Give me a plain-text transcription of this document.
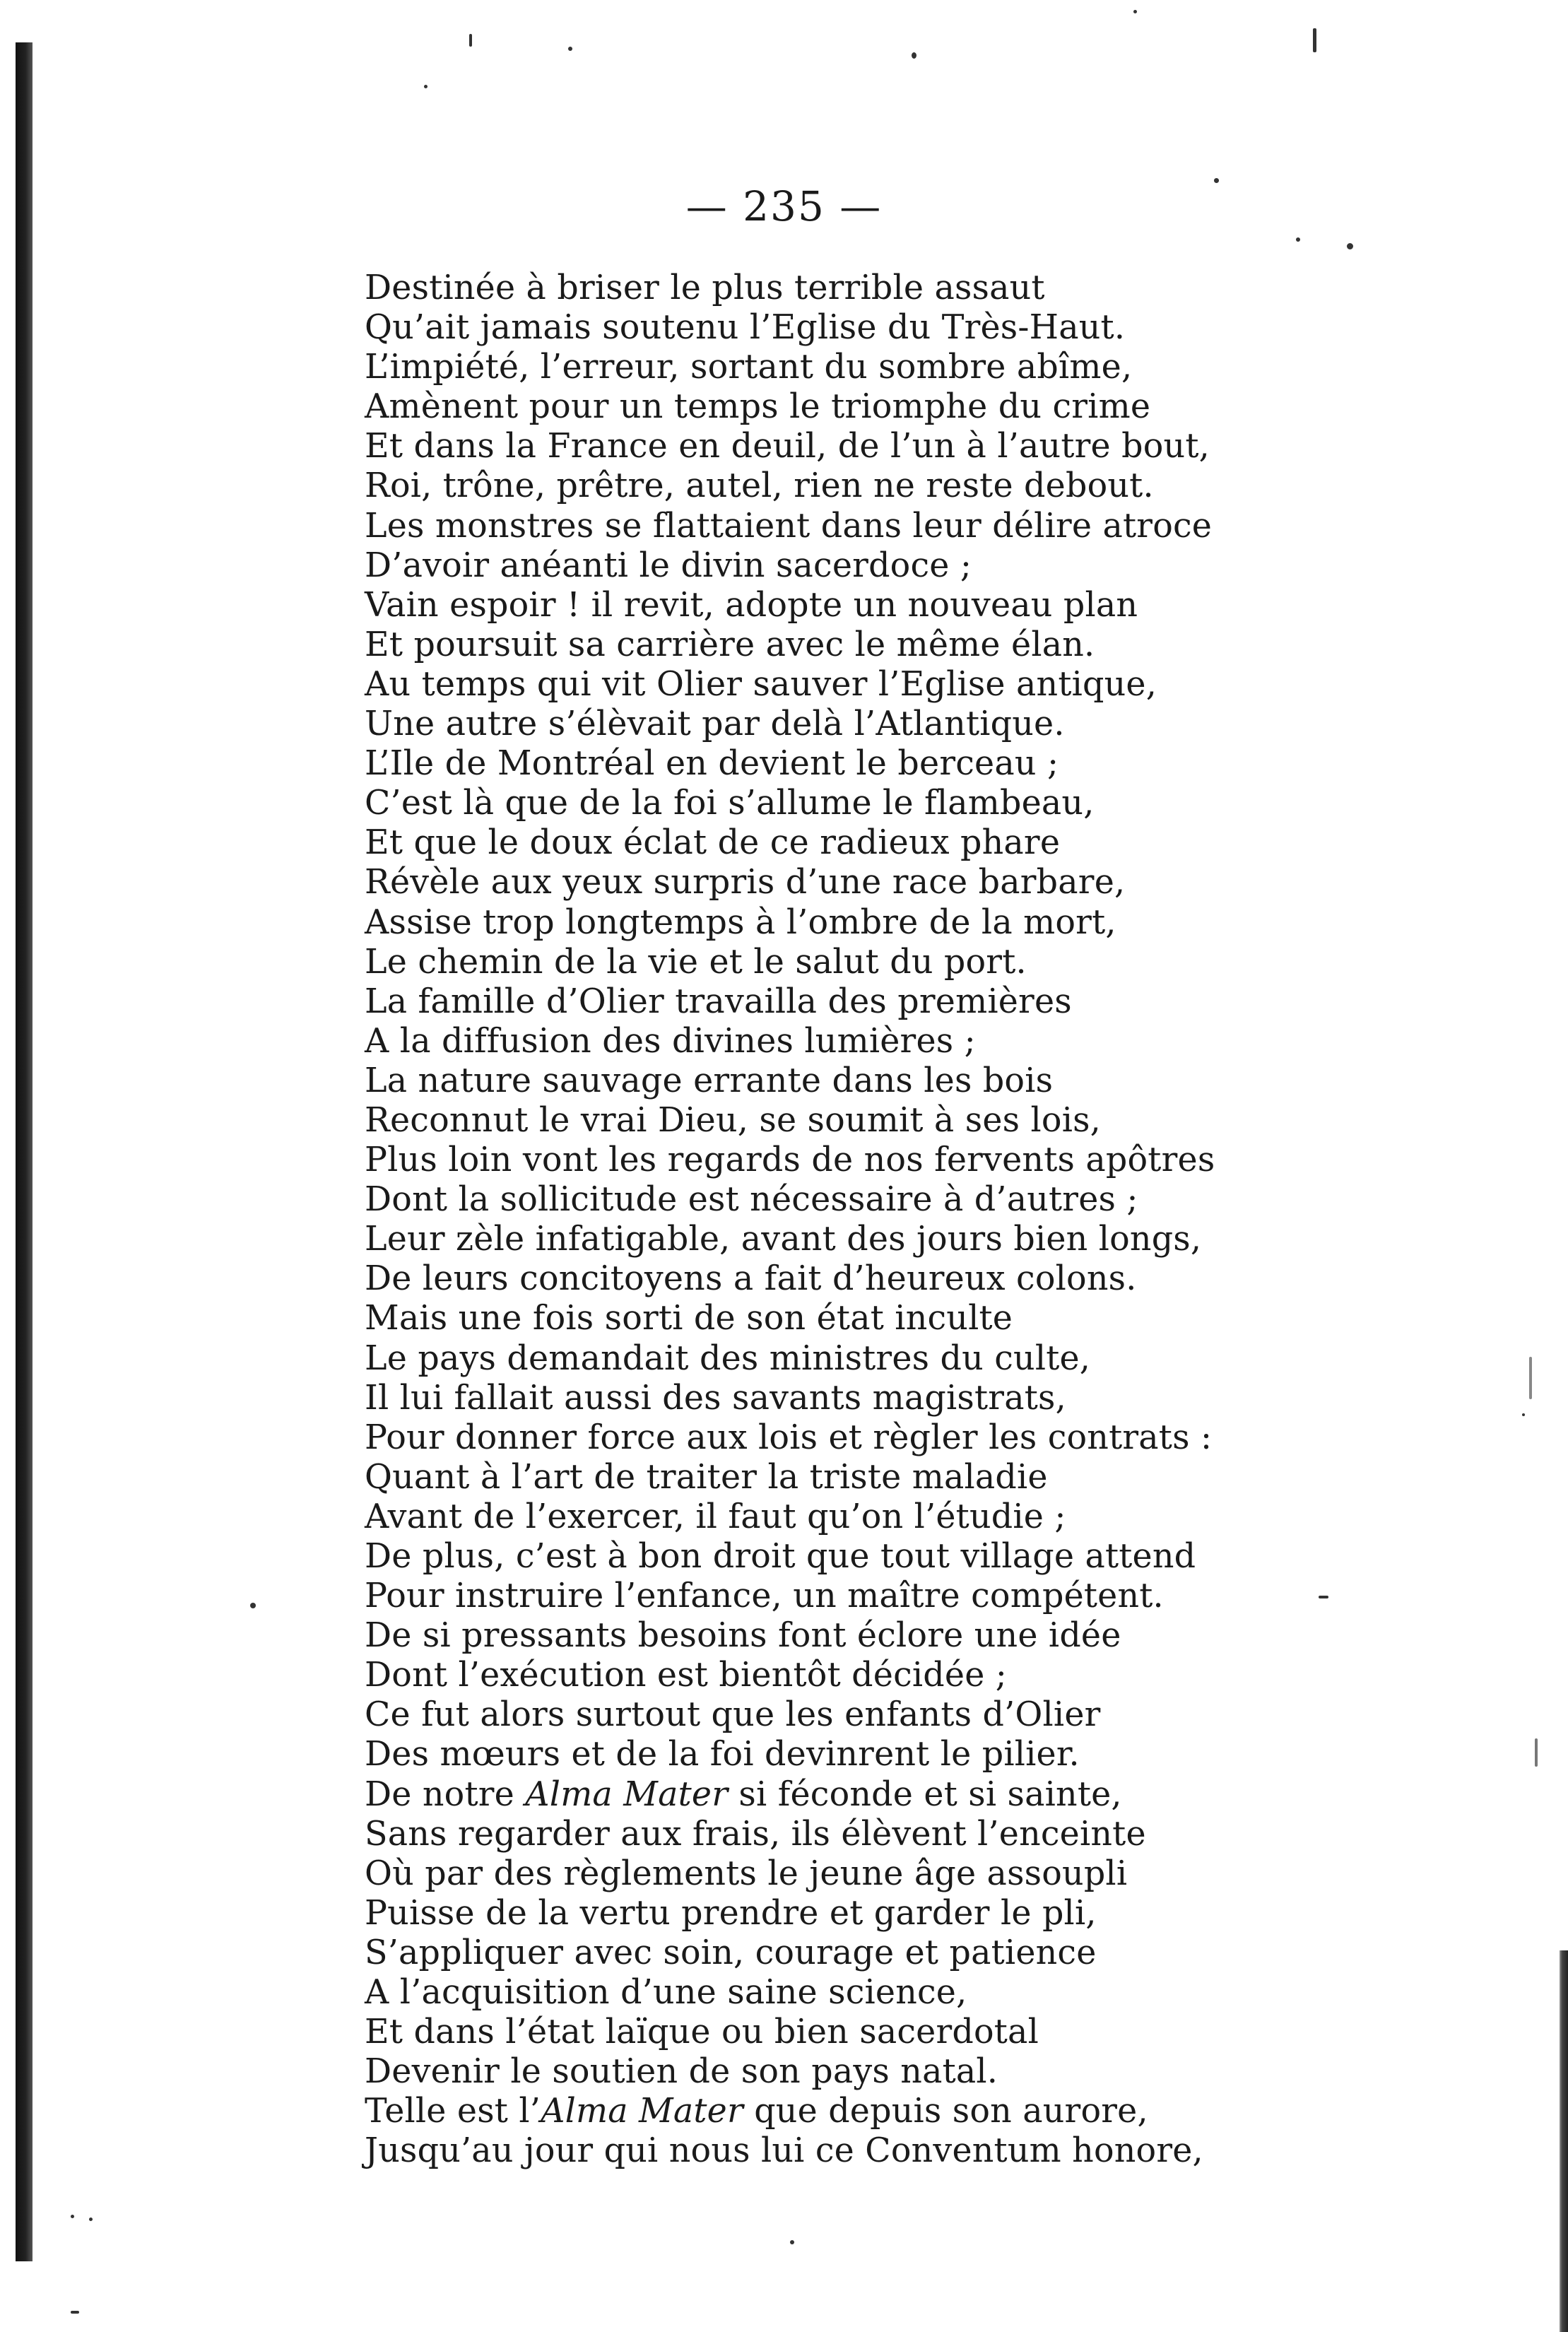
— 235 —
Destinée à briser le plus terrible assaut
Qu’ait jamais soutenu l’Eglise du Très-Haut.
L’impiété, l’erreur, sortant du sombre abîme,
Amènent pour un temps le triomphe du crime
Et dans la France en deuil, de l’un à l’autre bout,
Roi, trône, prêtre, autel, rien ne reste debout.
Les monstres se flattaient dans leur délire atroce
D’avoir anéanti le divin sacerdoce ;
Vain espoir ! il revit, adopte un nouveau plan
Et poursuit sa carrière avec le même élan.
Au temps qui vit Olier sauver l’Eglise antique,
Une autre s’élèvait par delà l’Atlantique.
L’Ile de Montréal en devient le berceau ;
C’est là que de la foi s’allume le flambeau,
Et que le doux éclat de ce radieux phare
Révèle aux yeux surpris d’une race barbare,
Assise trop longtemps à l’ombre de la mort,
Le chemin de la vie et le salut du port.
La famille d’Olier travailla des premières
A la diffusion des divines lumières ;
La nature sauvage errante dans les bois
Reconnut le vrai Dieu, se soumit à ses lois,
Plus loin vont les regards de nos fervents apôtres
Dont la sollicitude est nécessaire à d’autres ;
Leur zèle infatigable, avant des jours bien longs,
De leurs concitoyens a fait d’heureux colons.
Mais une fois sorti de son état inculte
Le pays demandait des ministres du culte,
Il lui fallait aussi des savants magistrats,
Pour donner force aux lois et règler les contrats :
Quant à l’art de traiter la triste maladie
Avant de l’exercer, il faut qu’on l’étudie ;
De plus, c’est à bon droit que tout village attend
Pour instruire l’enfance, un maître compétent.
De si pressants besoins font éclore une idée
Dont l’exécution est bientôt décidée ;
Ce fut alors surtout que les enfants d’Olier
Des mœurs et de la foi devinrent le pilier.
De notre Alma Mater si féconde et si sainte,
Sans regarder aux frais, ils élèvent l’enceinte
Où par des règlements le jeune âge assoupli
Puisse de la vertu prendre et garder le pli,
S’appliquer avec soin, courage et patience
A l’acquisition d’une saine science,
Et dans l’état laïque ou bien sacerdotal
Devenir le soutien de son pays natal.
Telle est l’Alma Mater que depuis son aurore,
Jusqu’au jour qui nous lui ce Conventum honore,
